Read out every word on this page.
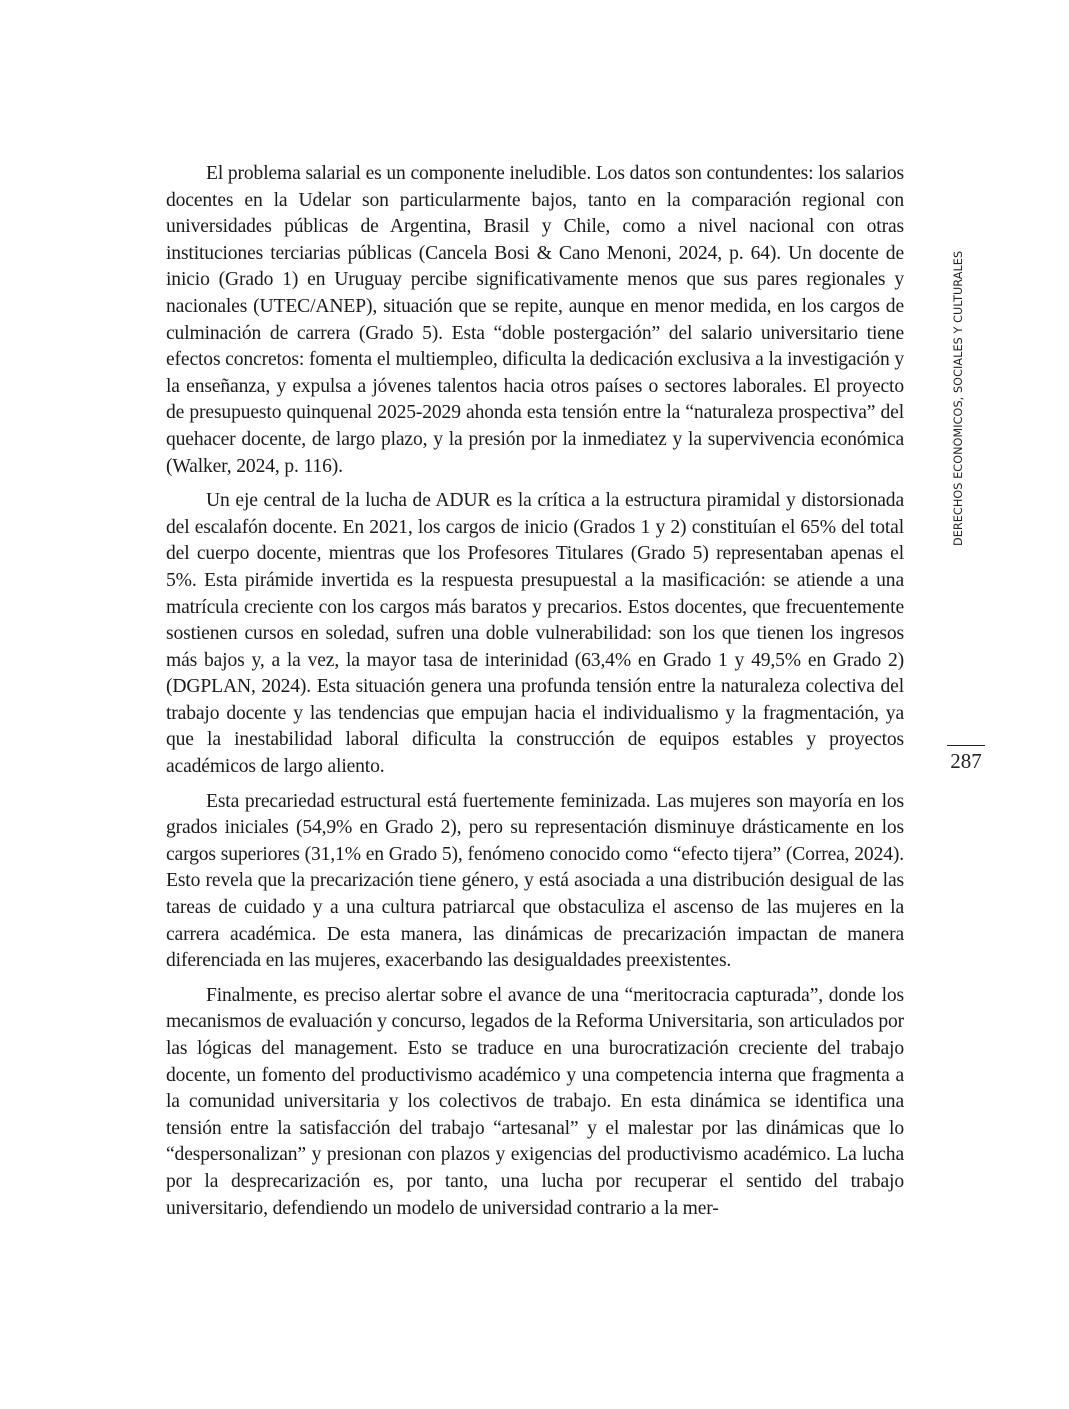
El problema salarial es un componente ineludible. Los datos son contundentes: los salarios docentes en la Udelar son particularmente bajos, tanto en la comparación regional con universidades públicas de Argentina, Brasil y Chile, como a nivel nacional con otras instituciones terciarias públicas (Cancela Bosi & Cano Menoni, 2024, p. 64). Un docente de inicio (Grado 1) en Uruguay percibe significativamente menos que sus pares regionales y nacionales (UTEC/ANEP), situación que se repite, aunque en menor medida, en los cargos de culminación de carrera (Grado 5). Esta “doble postergación” del salario universitario tiene efectos concretos: fomenta el multiempleo, dificulta la dedicación exclusiva a la investigación y la enseñanza, y expulsa a jóvenes talentos hacia otros países o sectores laborales. El proyecto de presupuesto quinquenal 2025-2029 ahonda esta tensión entre la “naturaleza prospectiva” del quehacer docente, de largo plazo, y la presión por la inmediatez y la supervivencia económica (Walker, 2024, p. 116).

Un eje central de la lucha de ADUR es la crítica a la estructura piramidal y distorsionada del escalafón docente. En 2021, los cargos de inicio (Grados 1 y 2) constituían el 65% del total del cuerpo docente, mientras que los Profesores Titulares (Grado 5) representaban apenas el 5%. Esta pirámide invertida es la respuesta presupuestal a la masificación: se atiende a una matrícula creciente con los cargos más baratos y precarios. Estos docentes, que frecuentemente sostienen cursos en soledad, sufren una doble vulnerabilidad: son los que tienen los ingresos más bajos y, a la vez, la mayor tasa de interinidad (63,4% en Grado 1 y 49,5% en Grado 2) (DGPLAN, 2024). Esta situación genera una profunda tensión entre la naturaleza colectiva del trabajo docente y las tendencias que empujan hacia el individualismo y la fragmentación, ya que la inestabilidad laboral dificulta la construcción de equipos estables y proyectos académicos de largo aliento.

Esta precariedad estructural está fuertemente feminizada. Las mujeres son mayoría en los grados iniciales (54,9% en Grado 2), pero su representación disminuye drásticamente en los cargos superiores (31,1% en Grado 5), fenómeno conocido como “efecto tijera” (Correa, 2024). Esto revela que la precarización tiene género, y está asociada a una distribución desigual de las tareas de cuidado y a una cultura patriarcal que obstaculiza el ascenso de las mujeres en la carrera académica. De esta manera, las dinámicas de precarización impactan de manera diferenciada en las mujeres, exacerbando las desigualdades preexistentes.

Finalmente, es preciso alertar sobre el avance de una “meritocracia capturada”, donde los mecanismos de evaluación y concurso, legados de la Reforma Universitaria, son articulados por las lógicas del management. Esto se traduce en una burocratización creciente del trabajo docente, un fomento del productivismo académico y una competencia interna que fragmenta a la comunidad universitaria y los colectivos de trabajo. En esta dinámica se identifica una tensión entre la satisfacción del trabajo “artesanal” y el malestar por las dinámicas que lo “despersonalizan” y presionan con plazos y exigencias del productivismo académico. La lucha por la desprecarización es, por tanto, una lucha por recuperar el sentido del trabajo universitario, defendiendo un modelo de universidad contrario a la mer-

DERECHOS ECONÓMICOS, SOCIALES Y CULTURALES
287
